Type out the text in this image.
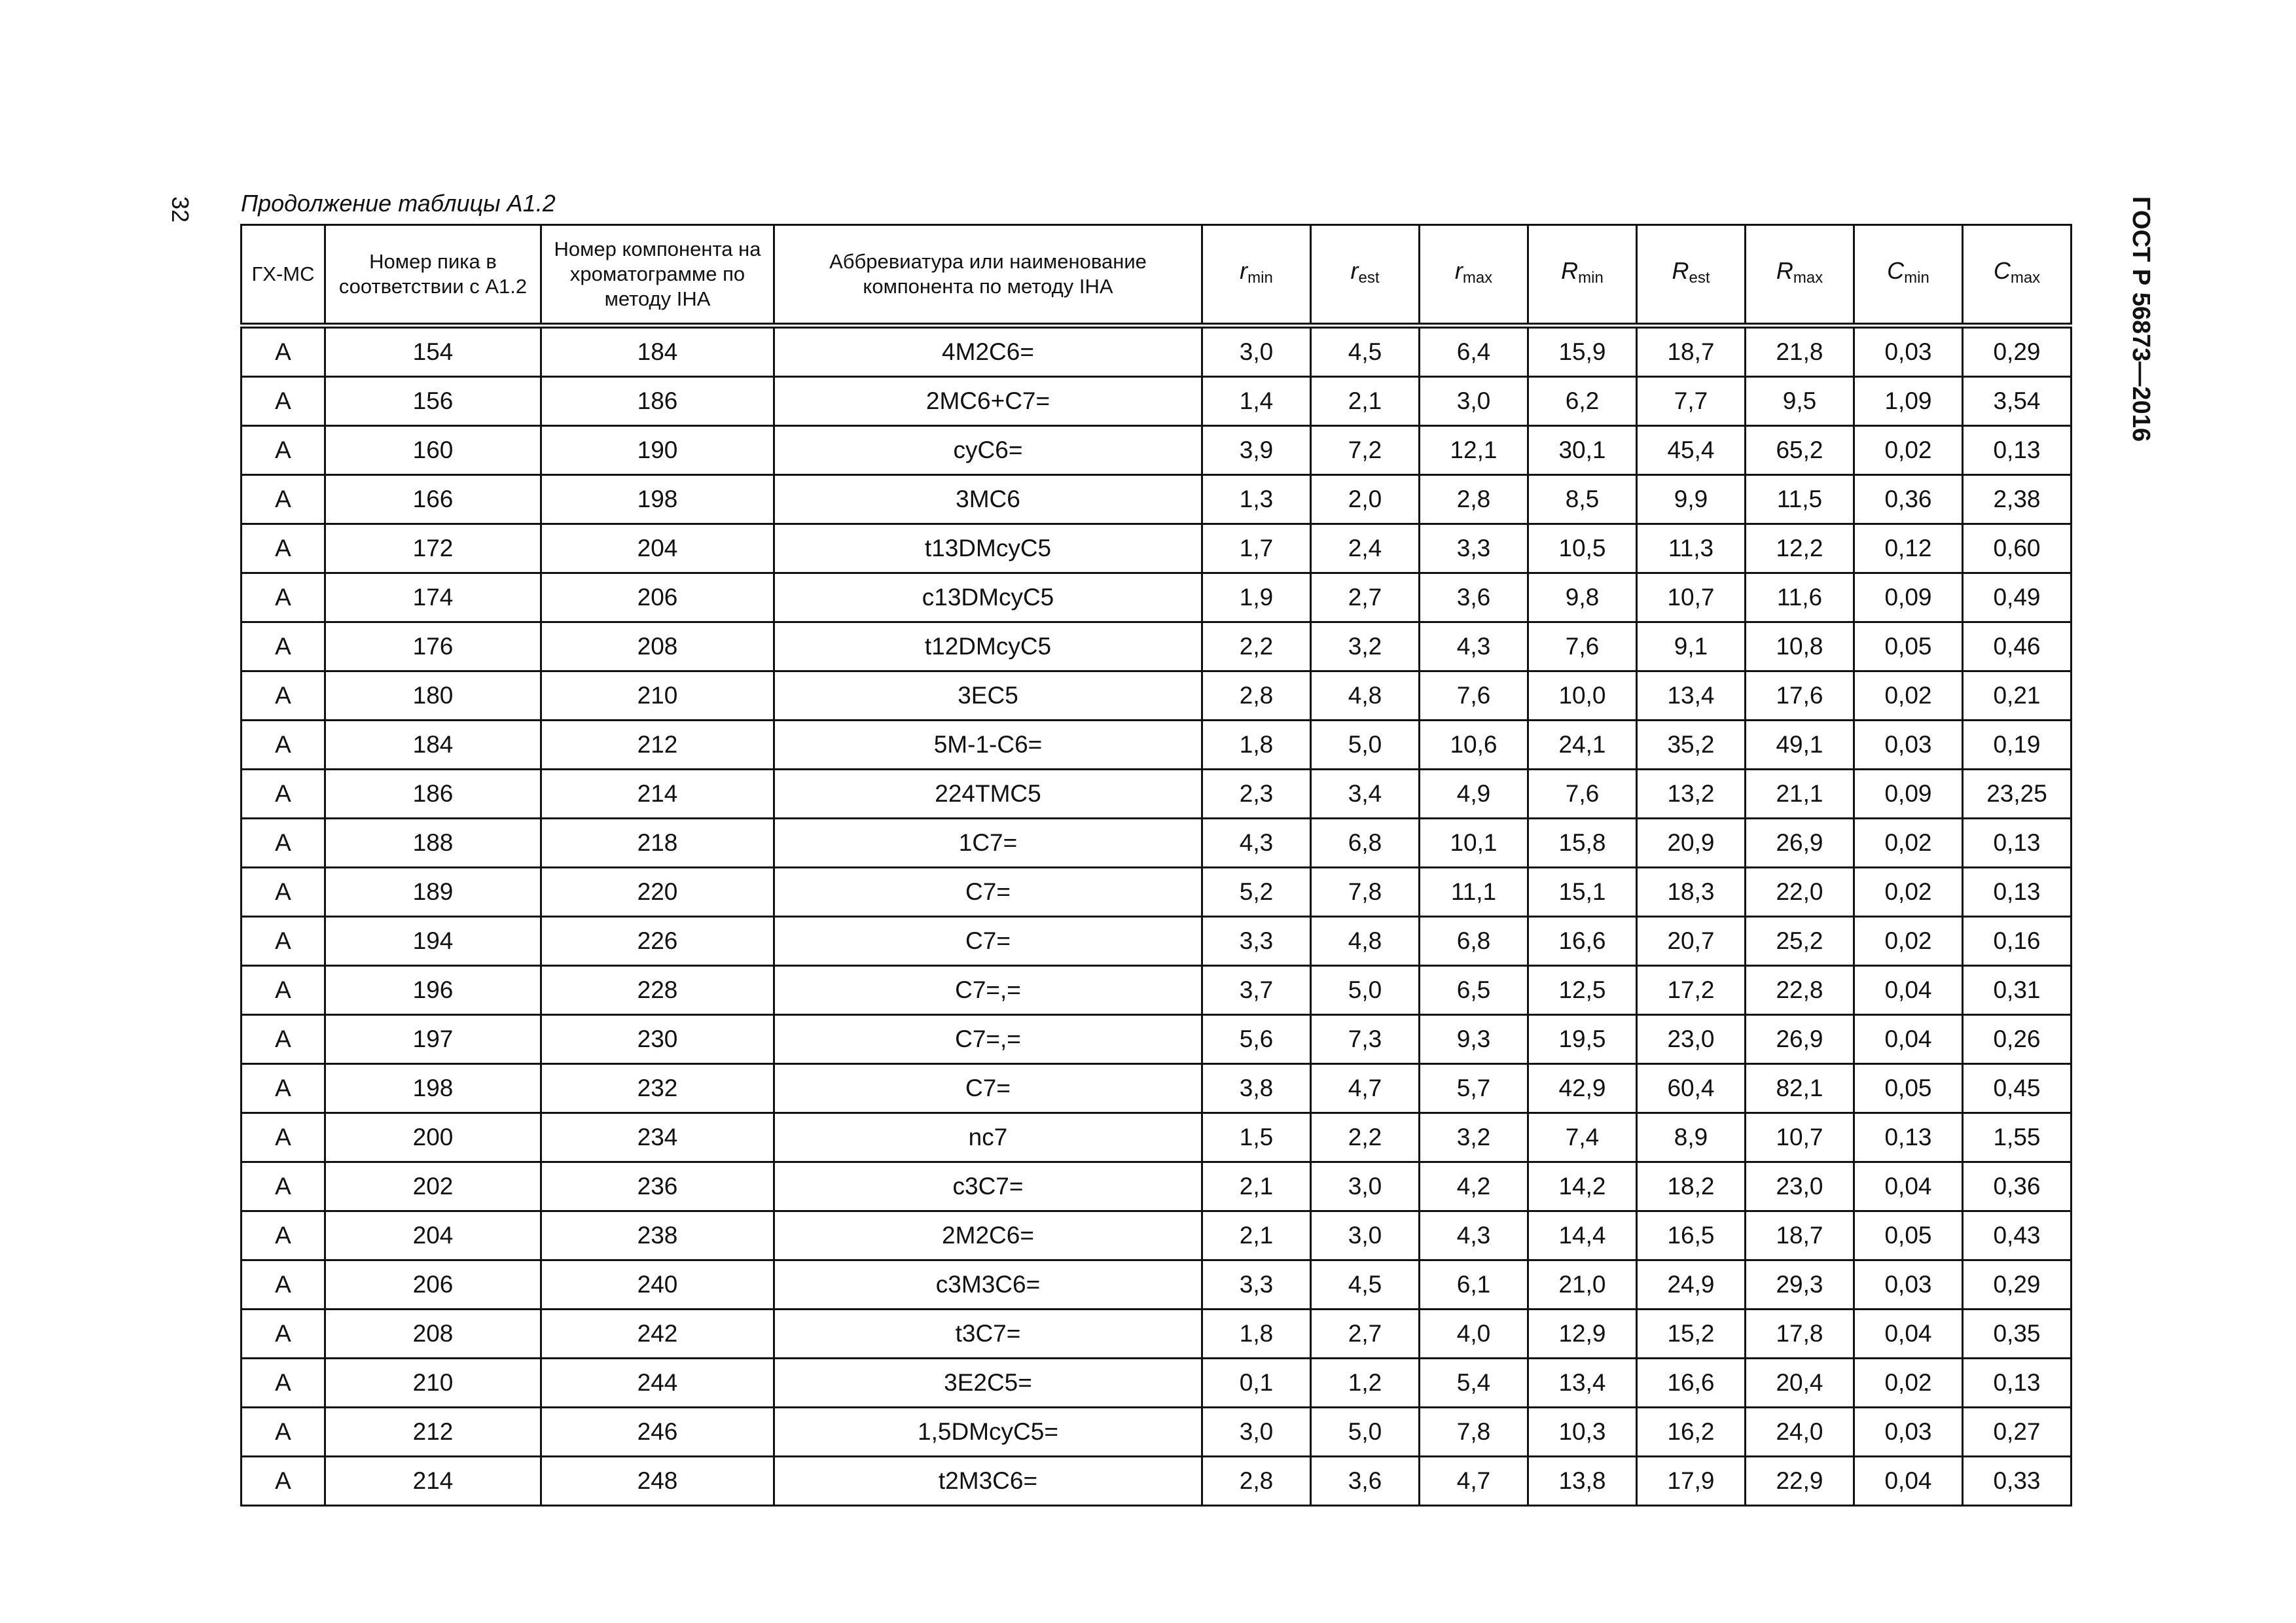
32 Продолжение таблицы А1.2	ГОСТ Р 56873—2016
ГХ-МС	Номер пика в соответствии с А1.2	Номер компонента на хроматограмме по методу IHA	Аббревиатура или наименование компонента по методу IHA	$r_{min}$	$r_{est}$	$r_{max}$	$R_{min}$	$R_{est}$	$R_{max}$	$C_{min}$	$C_{max}$
А	154	184	4M2C6=	3,0	4,5	6,4	15,9	18,7	21,8	0,03	0,29
А	156	186	2MC6+C7=	1,4	2,1	3,0	6,2	7,7	9,5	1,09	3,54
А	160	190	cyC6=	3,9	7,2	12,1	30,1	45,4	65,2	0,02	0,13
А	166	198	3MC6	1,3	2,0	2,8	8,5	9,9	11,5	0,36	2,38
А	172	204	t13DMcyC5	1,7	2,4	3,3	10,5	11,3	12,2	0,12	0,60
А	174	206	c13DMcyC5	1,9	2,7	3,6	9,8	10,7	11,6	0,09	0,49
А	176	208	t12DMcyC5	2,2	3,2	4,3	7,6	9,1	10,8	0,05	0,46
А	180	210	3EC5	2,8	4,8	7,6	10,0	13,4	17,6	0,02	0,21
А	184	212	5M-1-C6=	1,8	5,0	10,6	24,1	35,2	49,1	0,03	0,19
А	186	214	224TMC5	2,3	3,4	4,9	7,6	13,2	21,1	0,09	23,25
А	188	218	1C7=	4,3	6,8	10,1	15,8	20,9	26,9	0,02	0,13
А	189	220	C7=	5,2	7,8	11,1	15,1	18,3	22,0	0,02	0,13
А	194	226	C7=	3,3	4,8	6,8	16,6	20,7	25,2	0,02	0,16
А	196	228	C7=,=	3,7	5,0	6,5	12,5	17,2	22,8	0,04	0,31
А	197	230	C7=,=	5,6	7,3	9,3	19,5	23,0	26,9	0,04	0,26
А	198	232	C7=	3,8	4,7	5,7	42,9	60,4	82,1	0,05	0,45
А	200	234	nc7	1,5	2,2	3,2	7,4	8,9	10,7	0,13	1,55
А	202	236	c3C7=	2,1	3,0	4,2	14,2	18,2	23,0	0,04	0,36
А	204	238	2M2C6=	2,1	3,0	4,3	14,4	16,5	18,7	0,05	0,43
А	206	240	c3M3C6=	3,3	4,5	6,1	21,0	24,9	29,3	0,03	0,29
А	208	242	t3C7=	1,8	2,7	4,0	12,9	15,2	17,8	0,04	0,35
А	210	244	3E2C5=	0,1	1,2	5,4	13,4	16,6	20,4	0,02	0,13
А	212	246	1,5DMcyC5=	3,0	5,0	7,8	10,3	16,2	24,0	0,03	0,27
А	214	248	t2M3C6=	2,8	3,6	4,7	13,8	17,9	22,9	0,04	0,33
